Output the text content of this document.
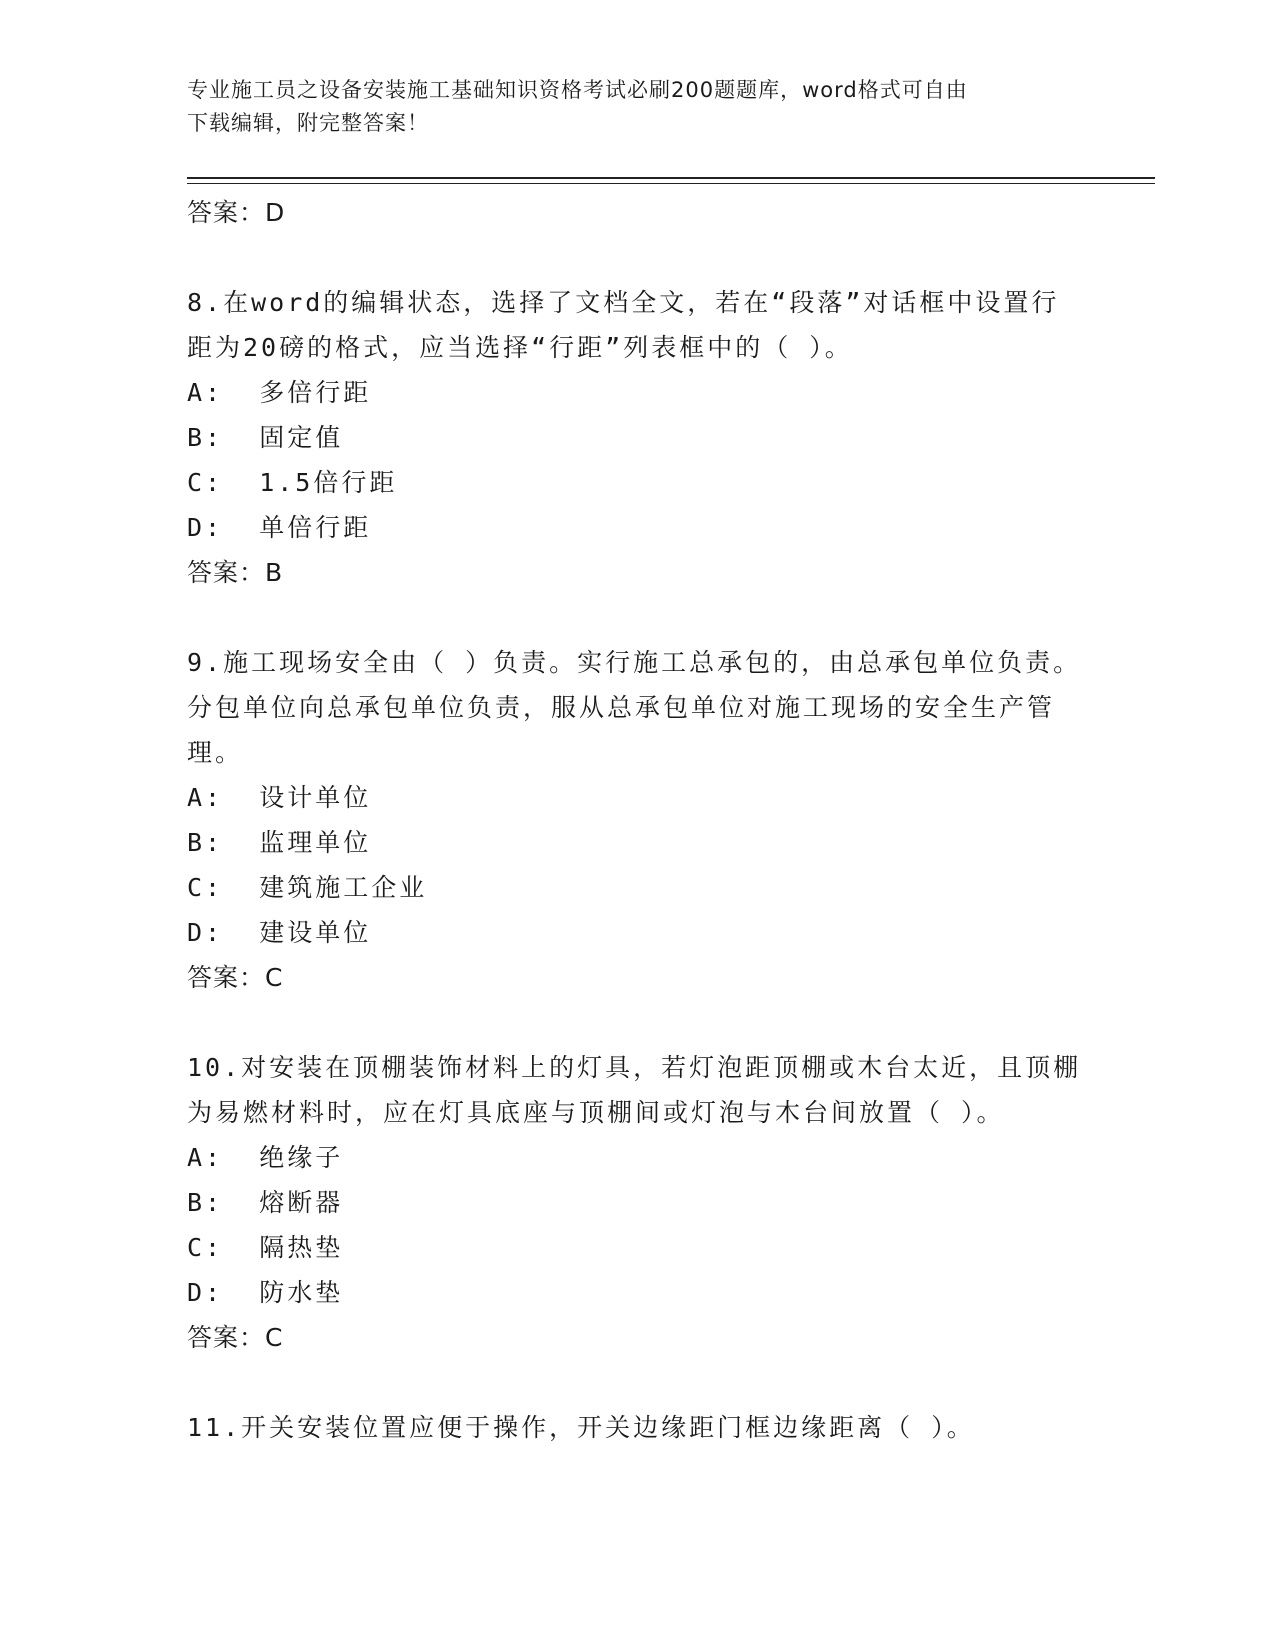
专业施工员之设备安装施工基础知识资格考试必刷200题题库，word格式可自由
下载编辑，附完整答案！
答案：D
8.在word的编辑状态，选择了文档全文，若在“段落”对话框中设置行距为20磅的格式，应当选择“行距”列表框中的（ ）。
A:  多倍行距
B:  固定值
C:  1.5倍行距
D:  单倍行距
答案：B
9.施工现场安全由（ ）负责。实行施工总承包的，由总承包单位负责。分包单位向总承包单位负责，服从总承包单位对施工现场的安全生产管理。
A:  设计单位
B:  监理单位
C:  建筑施工企业
D:  建设单位
答案：C
10.对安装在顶棚装饰材料上的灯具，若灯泡距顶棚或木台太近，且顶棚为易燃材料时，应在灯具底座与顶棚间或灯泡与木台间放置（ ）。
A:  绝缘子
B:  熔断器
C:  隔热垫
D:  防水垫
答案：C
11.开关安装位置应便于操作，开关边缘距门框边缘距离（ ）。
